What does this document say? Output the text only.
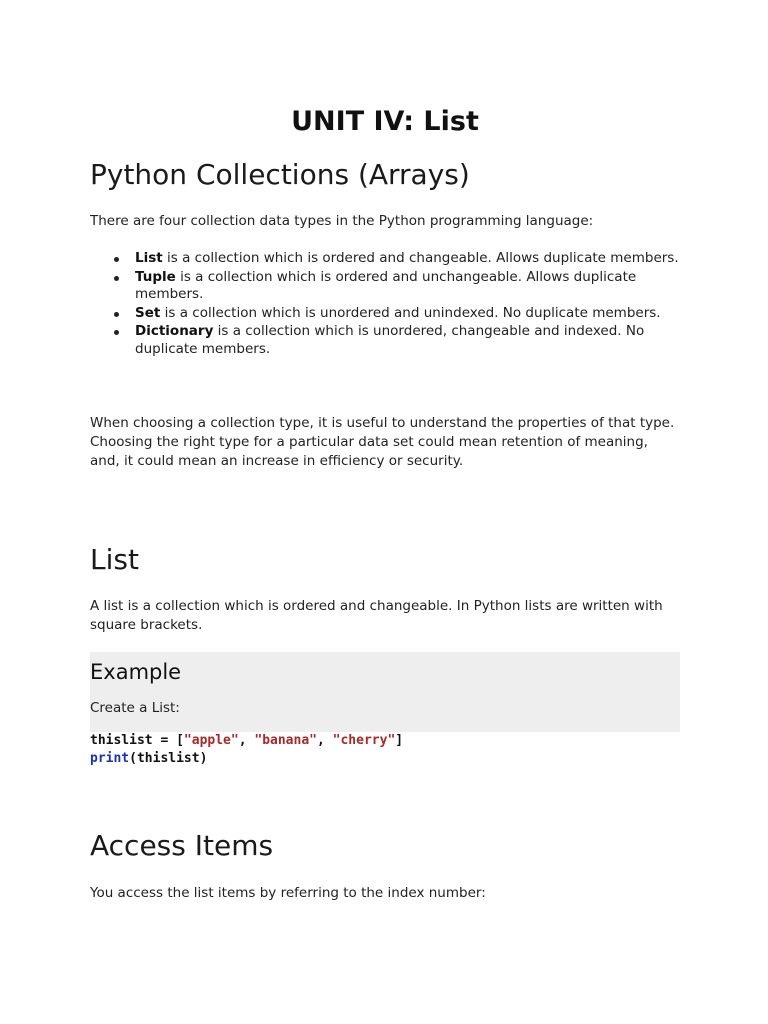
UNIT IV: List
Python Collections (Arrays)

There are four collection data types in the Python programming language:

List is a collection which is ordered and changeable. Allows duplicate members.
Tuple is a collection which is ordered and unchangeable. Allows duplicate members.
Set is a collection which is unordered and unindexed. No duplicate members.
Dictionary is a collection which is unordered, changeable and indexed. No duplicate members.

When choosing a collection type, it is useful to understand the properties of that type. Choosing the right type for a particular data set could mean retention of meaning, and, it could mean an increase in efficiency or security.

List

A list is a collection which is ordered and changeable. In Python lists are written with square brackets.

Example
Create a List:
thislist = ["apple", "banana", "cherry"]
print(thislist)
Access Items

You access the list items by referring to the index number:
